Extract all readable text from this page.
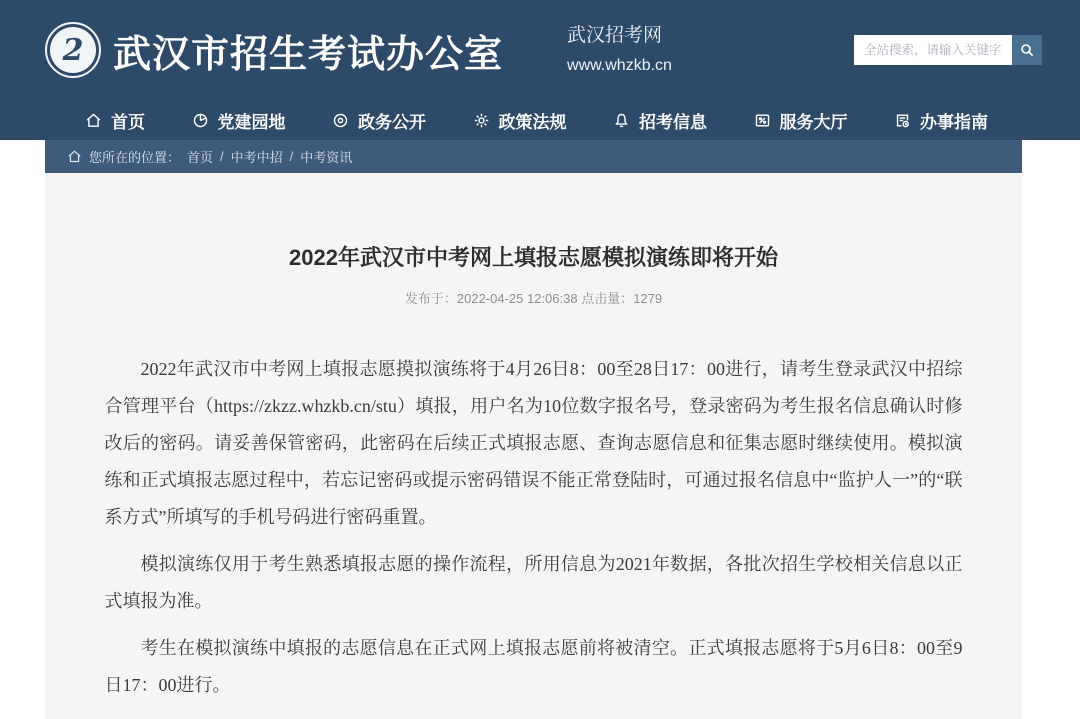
2 武汉市招生考试办公室	武汉招考网
www.whzkb.cn
全站搜索，请输入关键字
首页	党建园地	政务公开	政策法规	招考信息	服务大厅	办事指南
您所在的位置： 首页 / 中考中招 / 中考资讯
2022年武汉市中考网上填报志愿模拟演练即将开始
发布于：2022-04-25 12:06:38 点击量：1279

2022年武汉市中考网上填报志愿摸拟演练将于4月26日8：00至28日17：00进行，请考生登录武汉中招综合管理平台（https://zkzz.whzkb.cn/stu）填报，用户名为10位数字报名号，登录密码为考生报名信息确认时修改后的密码。请妥善保管密码，此密码在后续正式填报志愿、查询志愿信息和征集志愿时继续使用。模拟演练和正式填报志愿过程中，若忘记密码或提示密码错误不能正常登陆时，可通过报名信息中“监护人一”的“联系方式”所填写的手机号码进行密码重置。

模拟演练仅用于考生熟悉填报志愿的操作流程，所用信息为2021年数据，各批次招生学校相关信息以正式填报为准。

考生在模拟演练中填报的志愿信息在正式网上填报志愿前将被清空。正式填报志愿将于5月6日8：00至9日17：00进行。
